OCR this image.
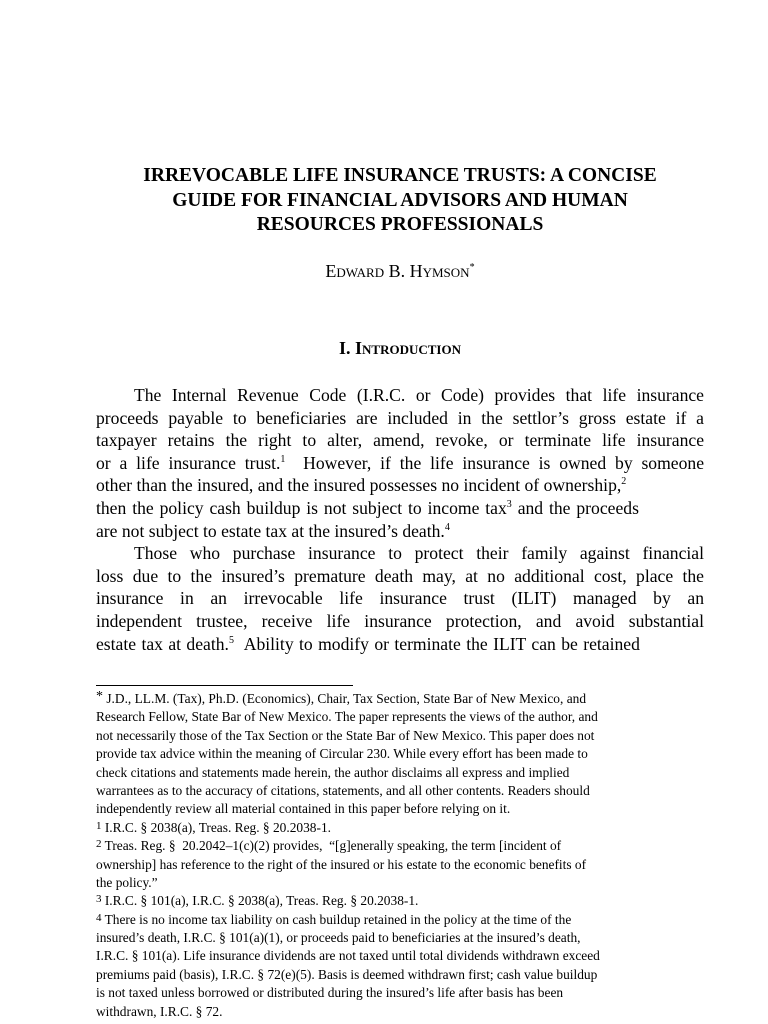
IRREVOCABLE LIFE INSURANCE TRUSTS: A CONCISE
GUIDE FOR FINANCIAL ADVISORS AND HUMAN
RESOURCES PROFESSIONALS
Edward B. Hymson*
I. Introduction
The Internal Revenue Code (I.R.C. or Code) provides that life insurance
proceeds payable to beneficiaries are included in the settlor’s gross estate if a
taxpayer retains the right to alter, amend, revoke, or terminate life insurance
or a life insurance trust.$^1$  However, if the life insurance is owned by someone
other than the insured, and the insured possesses no incident of ownership,$^2$
then the policy cash buildup is not subject to income tax$^3$ and the proceeds
are not subject to estate tax at the insured’s death.$^4$
Those who purchase insurance to protect their family against financial
loss due to the insured’s premature death may, at no additional cost, place the
insurance in an irrevocable life insurance trust (ILIT) managed by an
independent trustee, receive life insurance protection, and avoid substantial
estate tax at death.$^5$  Ability to modify or terminate the ILIT can be retained
* J.D., LL.M. (Tax), Ph.D. (Economics), Chair, Tax Section, State Bar of New Mexico, and
Research Fellow, State Bar of New Mexico. The paper represents the views of the author, and
not necessarily those of the Tax Section or the State Bar of New Mexico. This paper does not
provide tax advice within the meaning of Circular 230. While every effort has been made to
check citations and statements made herein, the author disclaims all express and implied
warrantees as to the accuracy of citations, statements, and all other contents. Readers should
independently review all material contained in this paper before relying on it.
$^1$ I.R.C. § 2038(a), Treas. Reg. § 20.2038-1.
$^2$ Treas. Reg. §  20.2042–1(c)(2) provides,  “[g]enerally speaking, the term [incident of
ownership] has reference to the right of the insured or his estate to the economic benefits of
the policy.”
$^3$ I.R.C. § 101(a), I.R.C. § 2038(a), Treas. Reg. § 20.2038-1.
$^4$ There is no income tax liability on cash buildup retained in the policy at the time of the
insured’s death, I.R.C. § 101(a)(1), or proceeds paid to beneficiaries at the insured’s death,
I.R.C. § 101(a). Life insurance dividends are not taxed until total dividends withdrawn exceed
premiums paid (basis), I.R.C. § 72(e)(5). Basis is deemed withdrawn first; cash value buildup
is not taxed unless borrowed or distributed during the insured’s life after basis has been
withdrawn, I.R.C. § 72.
